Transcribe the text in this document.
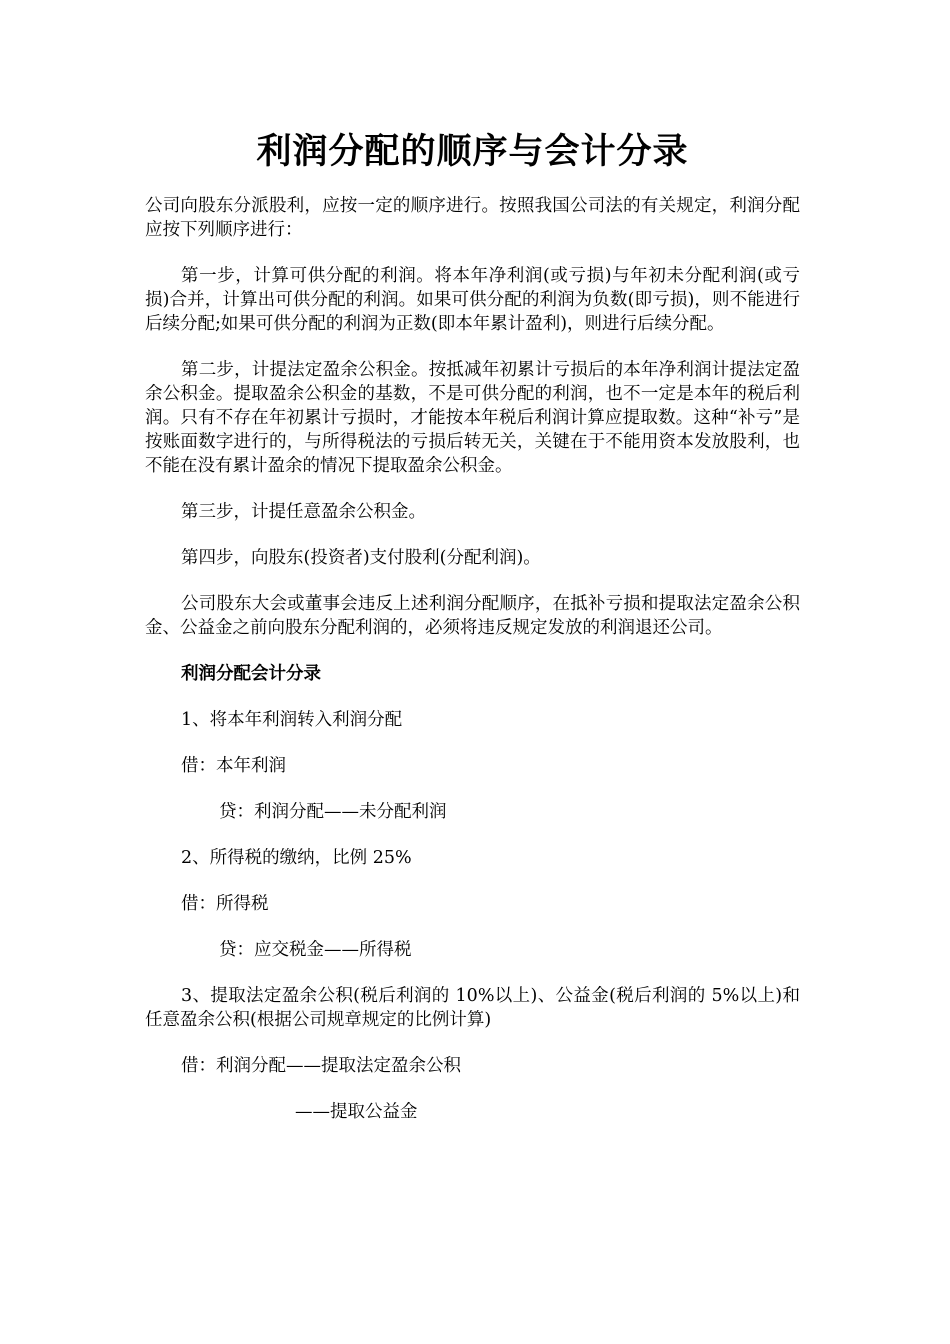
利润分配的顺序与会计分录

公司向股东分派股利，应按一定的顺序进行。按照我国公司法的有关规定，利润分配应按下列顺序进行：

第一步，计算可供分配的利润。将本年净利润(或亏损)与年初未分配利润(或亏损)合并，计算出可供分配的利润。如果可供分配的利润为负数(即亏损)，则不能进行后续分配;如果可供分配的利润为正数(即本年累计盈利)，则进行后续分配。

第二步，计提法定盈余公积金。按抵减年初累计亏损后的本年净利润计提法定盈余公积金。提取盈余公积金的基数，不是可供分配的利润，也不一定是本年的税后利润。只有不存在年初累计亏损时，才能按本年税后利润计算应提取数。这种“补亏”是按账面数字进行的，与所得税法的亏损后转无关，关键在于不能用资本发放股利，也不能在没有累计盈余的情况下提取盈余公积金。

第三步，计提任意盈余公积金。

第四步，向股东(投资者)支付股利(分配利润)。

公司股东大会或董事会违反上述利润分配顺序，在抵补亏损和提取法定盈余公积金、公益金之前向股东分配利润的，必须将违反规定发放的利润退还公司。

利润分配会计分录

1、将本年利润转入利润分配

借：本年利润

贷：利润分配——未分配利润

2、所得税的缴纳，比例 25%

借：所得税

贷：应交税金——所得税

3、提取法定盈余公积(税后利润的 10%以上)、公益金(税后利润的 5%以上)和任意盈余公积(根据公司规章规定的比例计算)

借：利润分配——提取法定盈余公积

——提取公益金
